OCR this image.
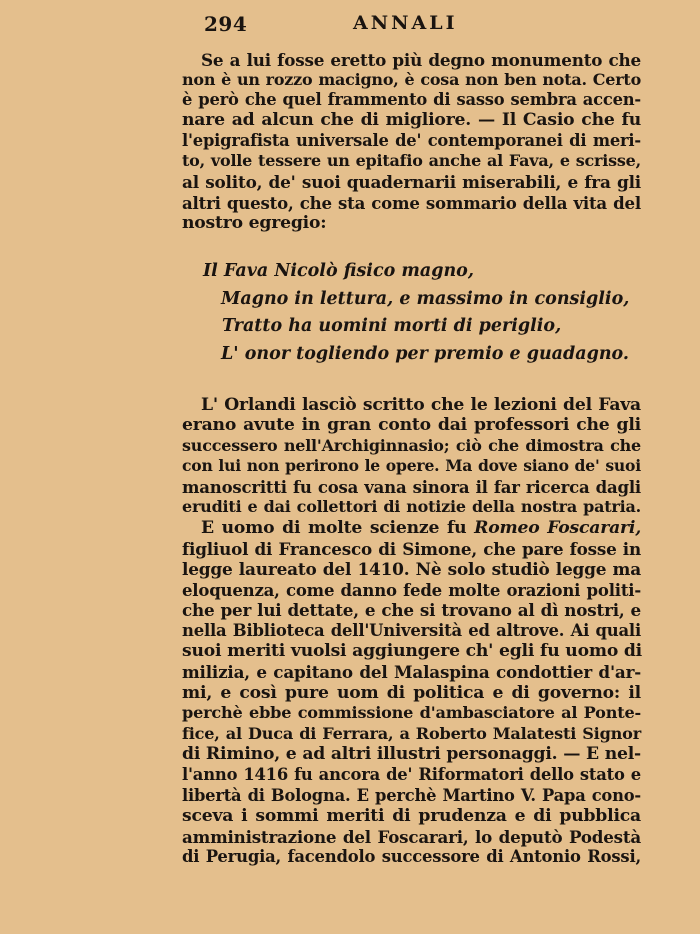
294	ANNALI
Se a lui fosse eretto più degno monumento che
non è un rozzo macigno, è cosa non ben nota. Certo
è però che quel frammento di sasso sembra accen-
nare ad alcun che di migliore. — Il Casio che fu
l'epigrafista universale de' contemporanei di meri-
to, volle tessere un epitafio anche al Fava, e scrisse,
al solito, de' suoi quadernarii miserabili, e fra gli
altri questo, che sta come sommario della vita del
nostro egregio:
Il Fava Nicolò fisico magno,
Magno in lettura, e massimo in consiglio,
Tratto ha uomini morti di periglio,
L' onor togliendo per premio e guadagno.
L' Orlandi lasciò scritto che le lezioni del Fava
erano avute in gran conto dai professori che gli
successero nell'Archiginnasio; ciò che dimostra che
con lui non perirono le opere. Ma dove siano de' suoi
manoscritti fu cosa vana sinora il far ricerca dagli
eruditi e dai collettori di notizie della nostra patria.
E uomo di molte scienze fu Romeo Foscarari,
figliuol di Francesco di Simone, che pare fosse in
legge laureato del 1410. Nè solo studiò legge ma
eloquenza, come danno fede molte orazioni politi-
che per lui dettate, e che si trovano al dì nostri, e
nella Biblioteca dell'Università ed altrove. Ai quali
suoi meriti vuolsi aggiungere ch' egli fu uomo di
milizia, e capitano del Malaspina condottier d'ar-
mi, e così pure uom di politica e di governo: il
perchè ebbe commissione d'ambasciatore al Ponte-
fice, al Duca di Ferrara, a Roberto Malatesti Signor
di Rimino, e ad altri illustri personaggi. — E nel-
l'anno 1416 fu ancora de' Riformatori dello stato e
libertà di Bologna. E perchè Martino V. Papa cono-
sceva i sommi meriti di prudenza e di pubblica
amministrazione del Foscarari, lo deputò Podestà
di Perugia, facendolo successore di Antonio Rossi,
